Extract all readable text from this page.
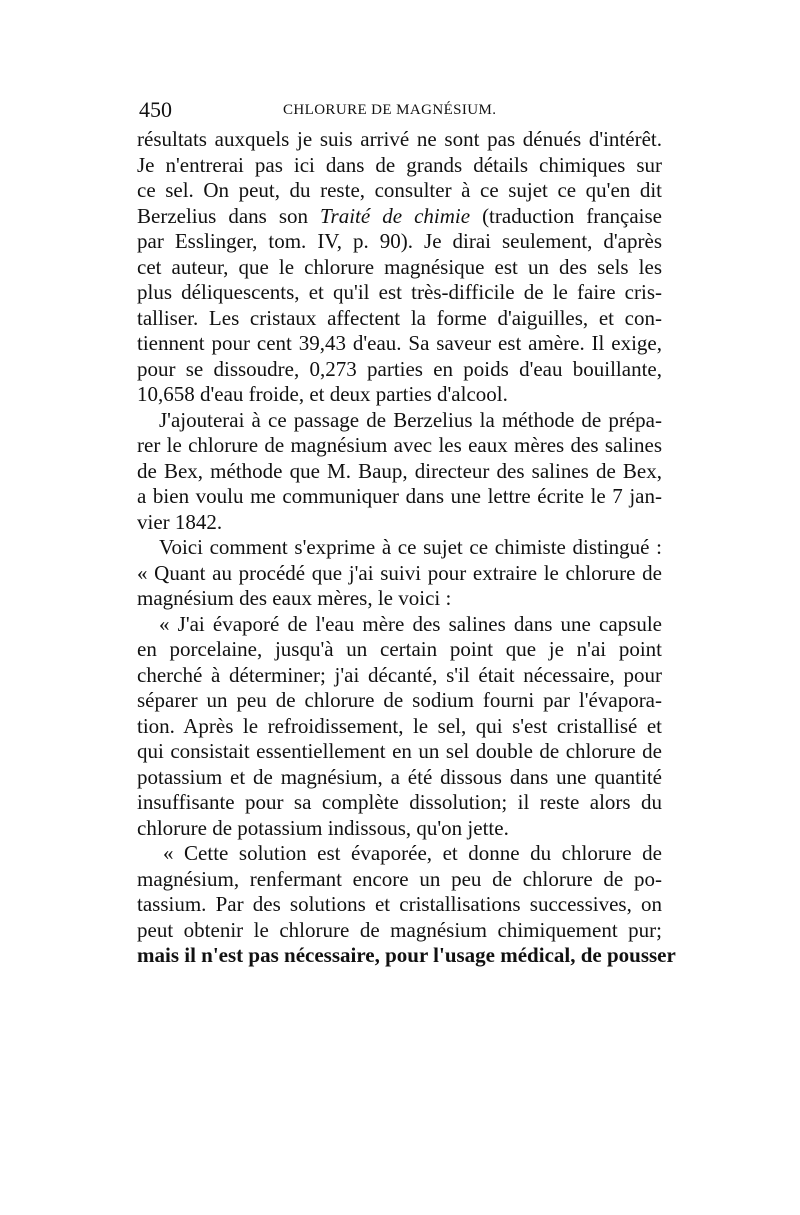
450	CHLORURE DE MAGNÉSIUM.
résultats auxquels je suis arrivé ne sont pas dénués d'intérêt.
Je n'entrerai pas ici dans de grands détails chimiques sur
ce sel. On peut, du reste, consulter à ce sujet ce qu'en dit
Berzelius dans son Traité de chimie (traduction française
par Esslinger, tom. IV, p. 90). Je dirai seulement, d'après
cet auteur, que le chlorure magnésique est un des sels les
plus déliquescents, et qu'il est très-difficile de le faire cris-
talliser. Les cristaux affectent la forme d'aiguilles, et con-
tiennent pour cent 39,43 d'eau. Sa saveur est amère. Il exige,
pour se dissoudre, 0,273 parties en poids d'eau bouillante,
10,658 d'eau froide, et deux parties d'alcool.
J'ajouterai à ce passage de Berzelius la méthode de prépa-
rer le chlorure de magnésium avec les eaux mères des salines
de Bex, méthode que M. Baup, directeur des salines de Bex,
a bien voulu me communiquer dans une lettre écrite le 7 jan-
vier 1842.
Voici comment s'exprime à ce sujet ce chimiste distingué :
« Quant au procédé que j'ai suivi pour extraire le chlorure de
magnésium des eaux mères, le voici :
« J'ai évaporé de l'eau mère des salines dans une capsule
en porcelaine, jusqu'à un certain point que je n'ai point
cherché à déterminer; j'ai décanté, s'il était nécessaire, pour
séparer un peu de chlorure de sodium fourni par l'évapora-
tion. Après le refroidissement, le sel, qui s'est cristallisé et
qui consistait essentiellement en un sel double de chlorure de
potassium et de magnésium, a été dissous dans une quantité
insuffisante pour sa complète dissolution; il reste alors du
chlorure de potassium indissous, qu'on jette.
« Cette solution est évaporée, et donne du chlorure de
magnésium, renfermant encore un peu de chlorure de po-
tassium. Par des solutions et cristallisations successives, on
peut obtenir le chlorure de magnésium chimiquement pur;
mais il n'est pas nécessaire, pour l'usage médical, de pousser
